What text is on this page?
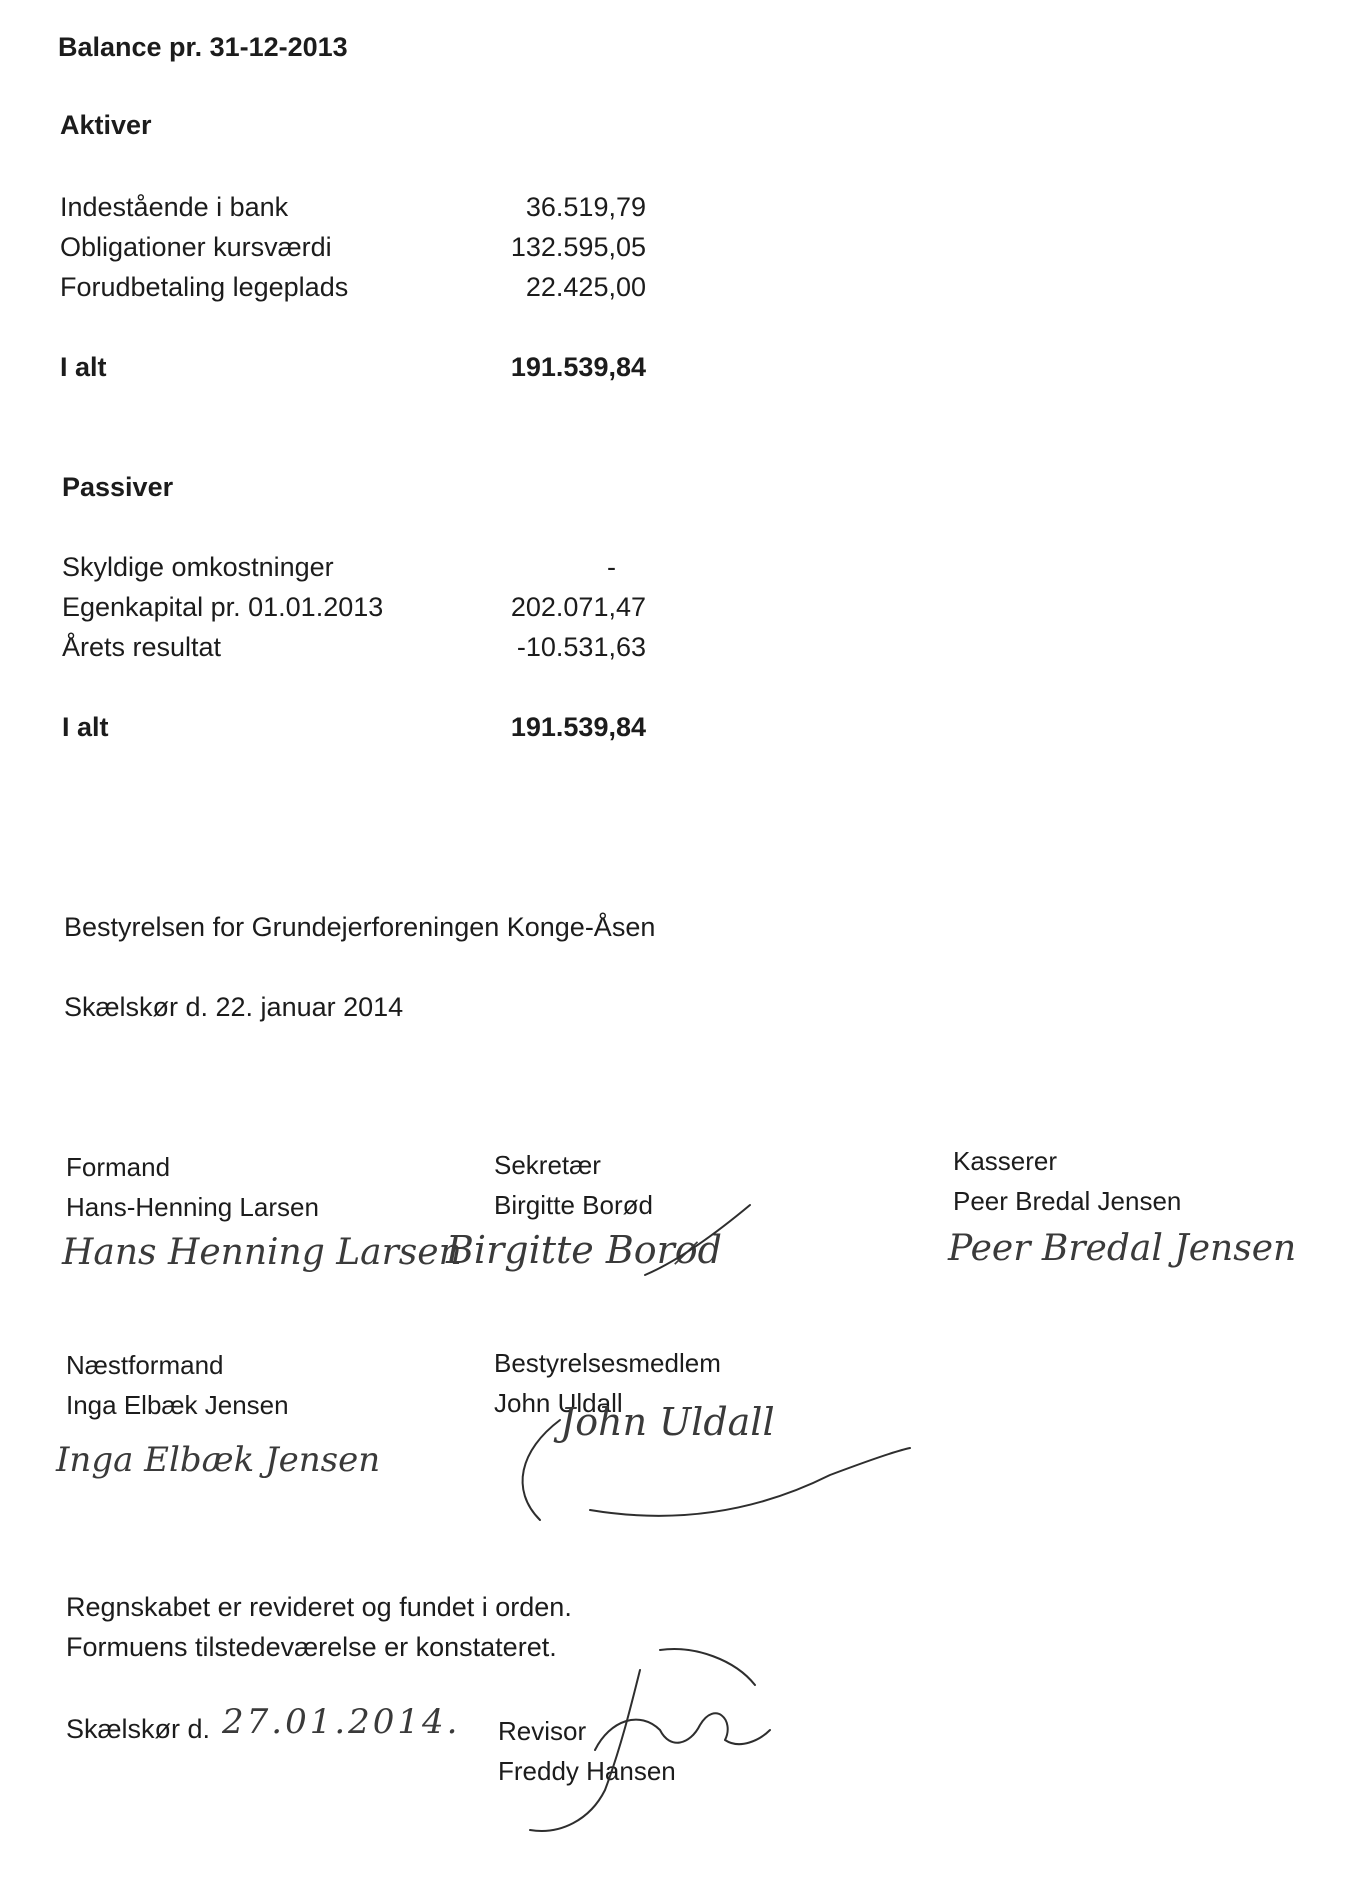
Balance pr. 31-12-2013
Aktiver
Indestående i bank	36.519,79
Obligationer kursværdi	132.595,05
Forudbetaling legeplads	22.425,00
I alt	191.539,84
Passiver
Skyldige omkostninger	-
Egenkapital pr. 01.01.2013	202.071,47
Årets resultat	-10.531,63
I alt	191.539,84
Bestyrelsen for Grundejerforeningen Konge-Åsen
Skælskør d. 22. januar 2014
Formand
Hans-Henning Larsen
Hans Henning Larsen
Sekretær
Birgitte Borød
Birgitte Borød
Kasserer
Peer Bredal Jensen
Peer Bredal Jensen
Næstformand
Inga Elbæk Jensen
Inga Elbæk Jensen
Bestyrelsesmedlem
John Uldall
John Uldall
Regnskabet er revideret og fundet i orden.
Formuens tilstedeværelse er konstateret.
Skælskør d. 27.01.2014. Revisor
Freddy Hansen
